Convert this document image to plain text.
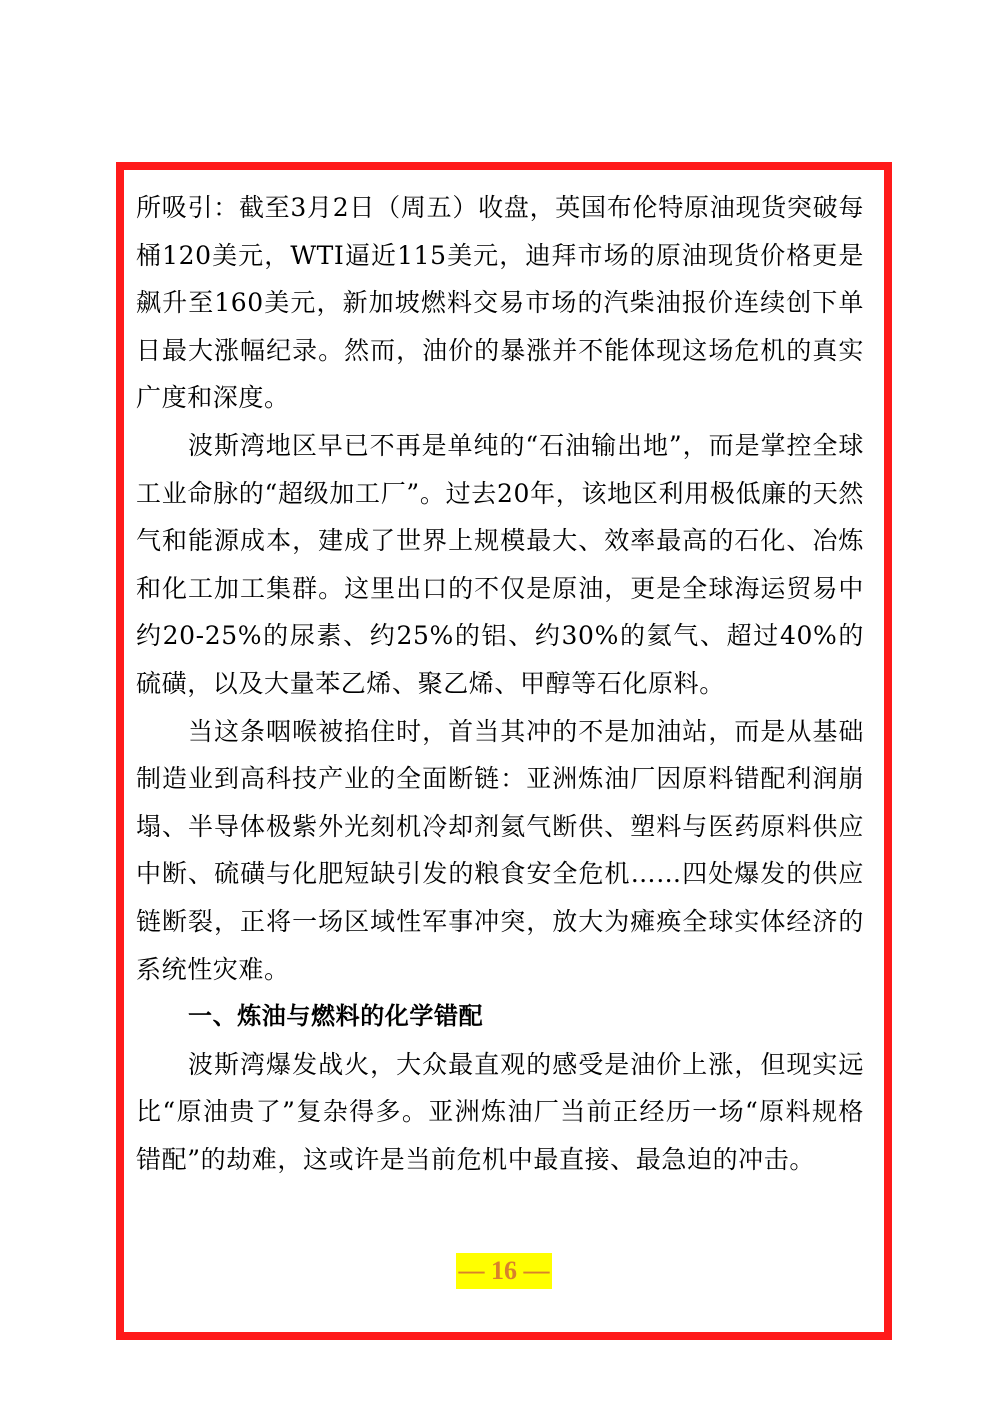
所吸引：截至3月2日（周五）收盘，英国布伦特原油现货突破每桶120美元，WTI逼近115美元，迪拜市场的原油现货价格更是飙升至160美元，新加坡燃料交易市场的汽柴油报价连续创下单日最大涨幅纪录。然而，油价的暴涨并不能体现这场危机的真实广度和深度。

波斯湾地区早已不再是单纯的“石油输出地”，而是掌控全球工业命脉的“超级加工厂”。过去20年，该地区利用极低廉的天然气和能源成本，建成了世界上规模最大、效率最高的石化、冶炼和化工加工集群。这里出口的不仅是原油，更是全球海运贸易中约20-25%的尿素、约25%的铝、约30%的氦气、超过40%的硫磺，以及大量苯乙烯、聚乙烯、甲醇等石化原料。

当这条咽喉被掐住时，首当其冲的不是加油站，而是从基础制造业到高科技产业的全面断链：亚洲炼油厂因原料错配利润崩塌、半导体极紫外光刻机冷却剂氦气断供、塑料与医药原料供应中断、硫磺与化肥短缺引发的粮食安全危机……四处爆发的供应链断裂，正将一场区域性军事冲突，放大为瘫痪全球实体经济的系统性灾难。

一、炼油与燃料的化学错配

波斯湾爆发战火，大众最直观的感受是油价上涨，但现实远比“原油贵了”复杂得多。亚洲炼油厂当前正经历一场“原料规格错配”的劫难，这或许是当前危机中最直接、最急迫的冲击。

— 16 —
